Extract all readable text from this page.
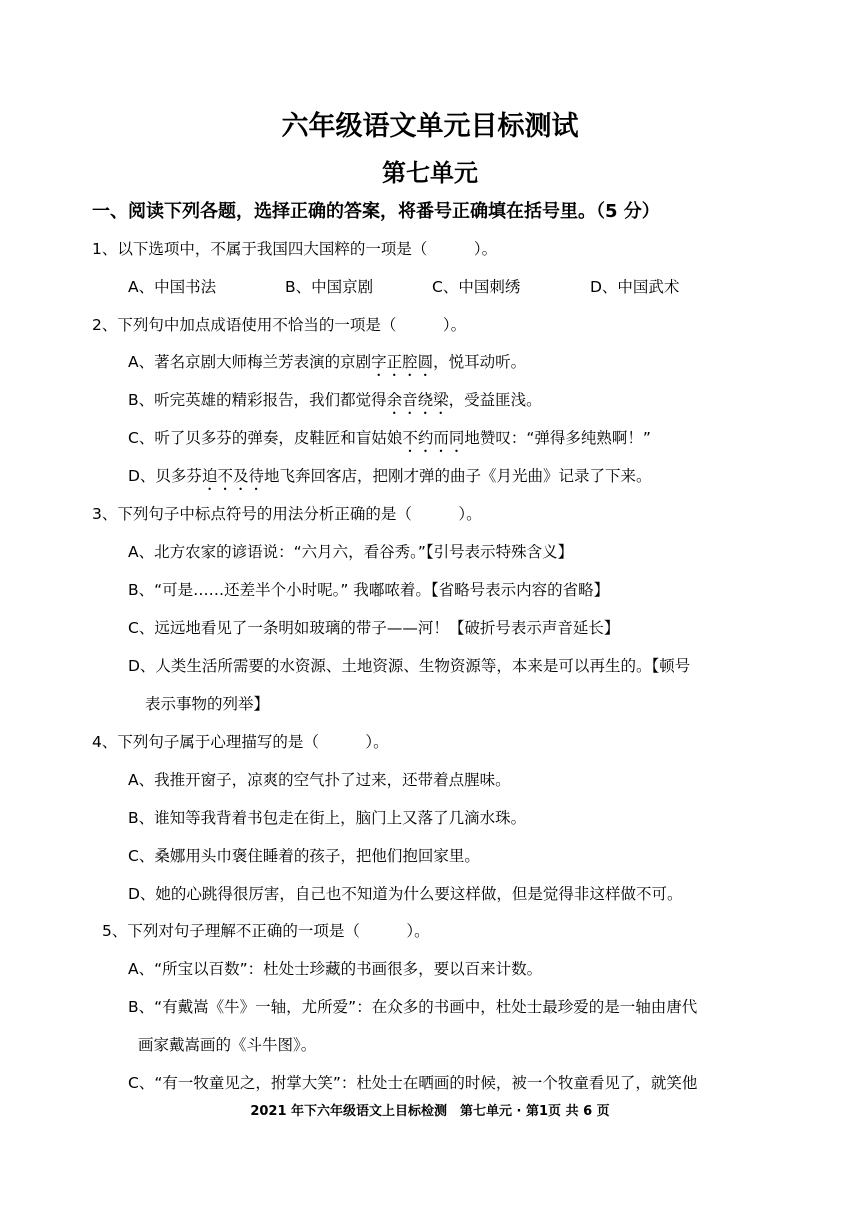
六年级语文单元目标测试
第七单元
一、阅读下列各题，选择正确的答案，将番号正确填在括号里。（5 分）
1、以下选项中，不属于我国四大国粹的一项是（　　　）。
A、中国书法	B、中国京剧	C、中国刺绣	D、中国武术
2、下列句中加点成语使用不恰当的一项是（　　　）。
A、著名京剧大师梅兰芳表演的京剧字正腔圆，悦耳动听。
B、听完英雄的精彩报告，我们都觉得余音绕梁，受益匪浅。
C、听了贝多芬的弹奏，皮鞋匠和盲姑娘不约而同地赞叹：“弹得多纯熟啊！”
D、贝多芬迫不及待地飞奔回客店，把刚才弹的曲子《月光曲》记录了下来。
3、下列句子中标点符号的用法分析正确的是（　　　）。
A、北方农家的谚语说：“六月六，看谷秀。”【引号表示特殊含义】
B、“可是……还差半个小时呢。” 我嘟哝着。【省略号表示内容的省略】
C、远远地看见了一条明如玻璃的带子——河！【破折号表示声音延长】
D、人类生活所需要的水资源、土地资源、生物资源等，本来是可以再生的。【顿号
表示事物的列举】
4、下列句子属于心理描写的是（　　　）。
A、我推开窗子，凉爽的空气扑了过来，还带着点腥味。
B、谁知等我背着书包走在街上，脑门上又落了几滴水珠。
C、桑娜用头巾褒住睡着的孩子，把他们抱回家里。
D、她的心跳得很厉害，自己也不知道为什么要这样做，但是觉得非这样做不可。
5、下列对句子理解不正确的一项是（　　　）。
A、“所宝以百数”：杜处士珍藏的书画很多，要以百来计数。
B、“有戴嵩《牛》一轴，尤所爱”：在众多的书画中，杜处士最珍爱的是一轴由唐代
画家戴嵩画的《斗牛图》。
C、“有一牧童见之，拊掌大笑”：杜处士在晒画的时候，被一个牧童看见了，就笑他
2021 年下六年级语文上目标检测　第七单元 · 第1页 共 6 页
